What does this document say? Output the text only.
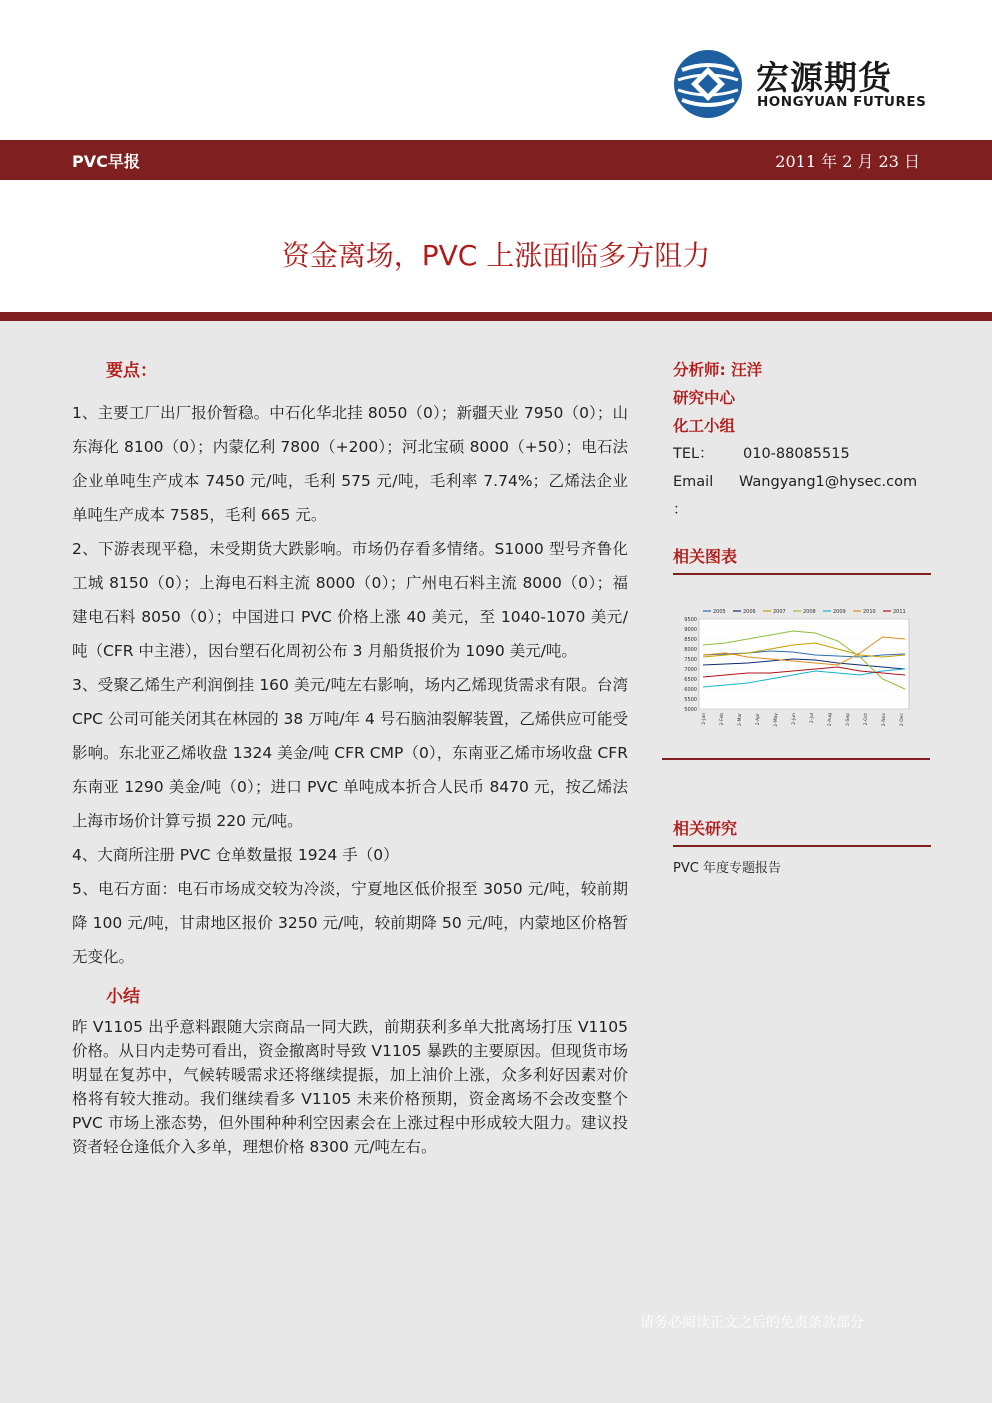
宏源期货
HONGYUAN FUTURES
PVC早报	2011 年 2 月 23 日
资金离场，PVC 上涨面临多方阻力
要点：

1、主要工厂出厂报价暂稳。中石化华北挂 8050（0）；新疆天业 7950（0）；山东海化 8100（0）；内蒙亿利 7800（+200）；河北宝硕 8000（+50）；电石法企业单吨生产成本 7450 元/吨，毛利 575 元/吨，毛利率 7.74%；乙烯法企业单吨生产成本 7585，毛利 665 元。

2、下游表现平稳，未受期货大跌影响。市场仍存看多情绪。S1000 型号齐鲁化工城 8150（0）；上海电石料主流 8000（0）；广州电石料主流 8000（0）；福建电石料 8050（0）；中国进口 PVC 价格上涨 40 美元，至 1040-1070 美元/吨（CFR 中主港），因台塑石化周初公布 3 月船货报价为 1090 美元/吨。

3、受聚乙烯生产利润倒挂 160 美元/吨左右影响，场内乙烯现货需求有限。台湾 CPC 公司可能关闭其在林园的 38 万吨/年 4 号石脑油裂解装置，乙烯供应可能受影响。东北亚乙烯收盘 1324 美金/吨 CFR CMP（0），东南亚乙烯市场收盘 CFR 东南亚 1290 美金/吨（0）；进口 PVC 单吨成本折合人民币 8470 元，按乙烯法上海市场价计算亏损 220 元/吨。

4、大商所注册 PVC 仓单数量报 1924 手（0）

5、电石方面：电石市场成交较为冷淡，宁夏地区低价报至 3050 元/吨，较前期降 100 元/吨，甘肃地区报价 3250 元/吨，较前期降 50 元/吨，内蒙地区价格暂无变化。

小结

昨 V1105 出乎意料跟随大宗商品一同大跌，前期获利多单大批离场打压 V1105 价格。从日内走势可看出，资金撤离时导致 V1105 暴跌的主要原因。但现货市场明显在复苏中，气候转暖需求还将继续提振，加上油价上涨，众多利好因素对价格将有较大推动。我们继续看多 V1105 未来价格预期，资金离场不会改变整个 PVC 市场上涨态势，但外围种种利空因素会在上涨过程中形成较大阻力。建议投资者轻仓逢低介入多单，理想价格 8300 元/吨左右。

分析师: 汪洋
研究中心
化工小组
TEL： 010-88085515
Email Wangyang1@hysec.com
：
相关图表
2005	2006	2007	2008	2009	2010	2011
9500
9000
8500
8000
7500
7000
6500
6000
5500
5000
2-Jan	2-Feb	2-Mar	2-Apr	2-May	2-Jun	2-Jul	2-Aug	2-Sep	2-Oct	2-Nov	2-Dec
相关研究
PVC 年度专题报告
请务必阅读正文之后的免责条款部分
